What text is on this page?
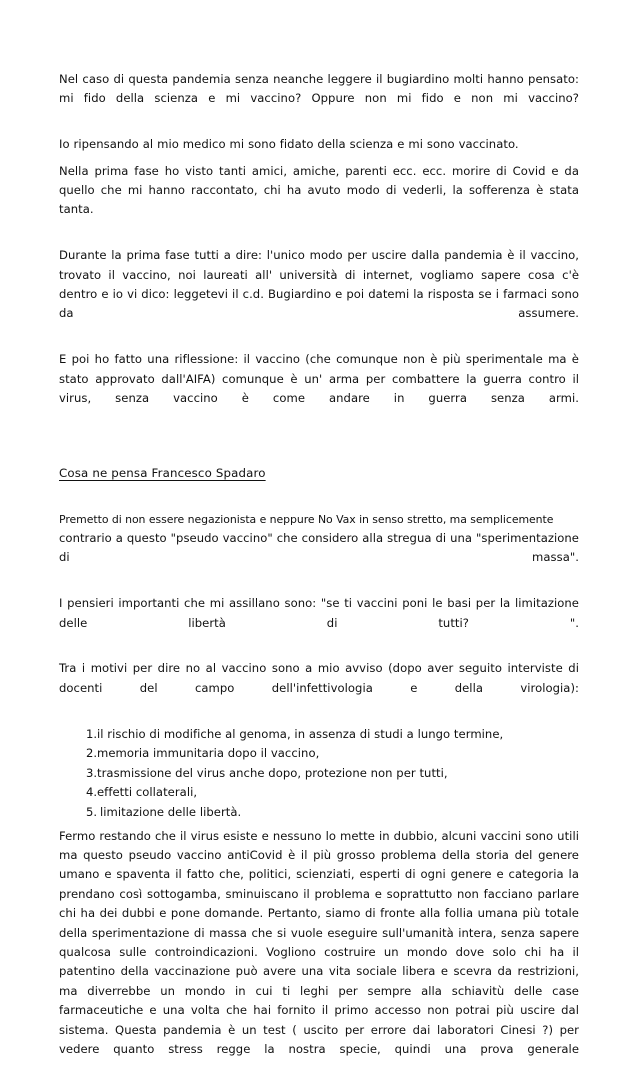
Nel caso di questa pandemia senza neanche leggere il bugiardino molti hanno pensato: mi fido della scienza e mi vaccino? Oppure non mi fido e non mi vaccino?

Io ripensando al mio medico mi sono fidato della scienza e mi sono vaccinato.

Nella prima fase ho visto tanti amici, amiche, parenti ecc. ecc. morire di Covid e da quello che mi hanno raccontato, chi ha avuto modo di vederli, la sofferenza è stata tanta.

Durante la prima fase tutti a dire: l'unico modo per uscire dalla pandemia è il vaccino, trovato il vaccino, noi laureati all' università di internet, vogliamo sapere cosa c'è dentro e io vi dico: leggetevi il c.d. Bugiardino e poi datemi la risposta se i farmaci sono da assumere.

E poi ho fatto una riflessione: il vaccino (che comunque non è più sperimentale ma è stato approvato dall'AIFA) comunque è un' arma per combattere la guerra contro il virus, senza vaccino è come andare in guerra senza armi.

Cosa ne pensa Francesco Spadaro

Premetto di non essere negazionista e neppure No Vax in senso stretto, ma semplicemente

contrario a questo "pseudo vaccino" che considero alla stregua di una "sperimentazione di massa".

I pensieri importanti che mi assillano sono: "se ti vaccini poni le basi per la limitazione delle libertà di tutti? ".

Tra i motivi per dire no al vaccino sono a mio avviso (dopo aver seguito interviste di docenti del campo dell'infettivologia e della virologia):

1. il rischio di modifiche al genoma, in assenza di studi a lungo termine,
2. memoria immunitaria dopo il vaccino,
3. trasmissione del virus anche dopo, protezione non per tutti,
4. effetti collaterali,
5. limitazione delle libertà.

Fermo restando che il virus esiste e nessuno lo mette in dubbio, alcuni vaccini sono utili ma questo pseudo vaccino antiCovid è il più grosso problema della storia del genere umano e spaventa il fatto che, politici, scienziati, esperti di ogni genere e categoria la prendano così sottogamba, sminuiscano il problema e soprattutto non facciano parlare chi ha dei dubbi e pone domande. Pertanto, siamo di fronte alla follia umana più totale della sperimentazione di massa che si vuole eseguire sull'umanità intera, senza sapere qualcosa sulle controindicazioni. Vogliono costruire un mondo dove solo chi ha il patentino della vaccinazione può avere una vita sociale libera e scevra da restrizioni, ma diverrebbe un mondo in cui ti leghi per sempre alla schiavitù delle case farmaceutiche e una volta che hai fornito il primo accesso non potrai più uscire dal sistema. Questa pandemia è un test ( uscito per errore dai laboratori Cinesi ?) per vedere quanto stress regge la nostra specie, quindi una prova generale
